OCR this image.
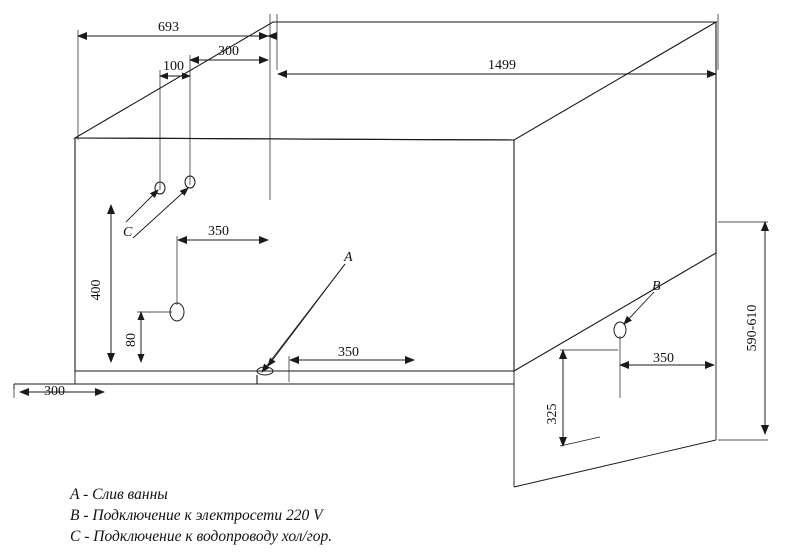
693
1499
300
100
C
400
350
80
A
350
300
B
350
325
590-610
A - Слив ванны
B - Подключение к электросети 220 V
C - Подключение к водопроводу хол/гор.
